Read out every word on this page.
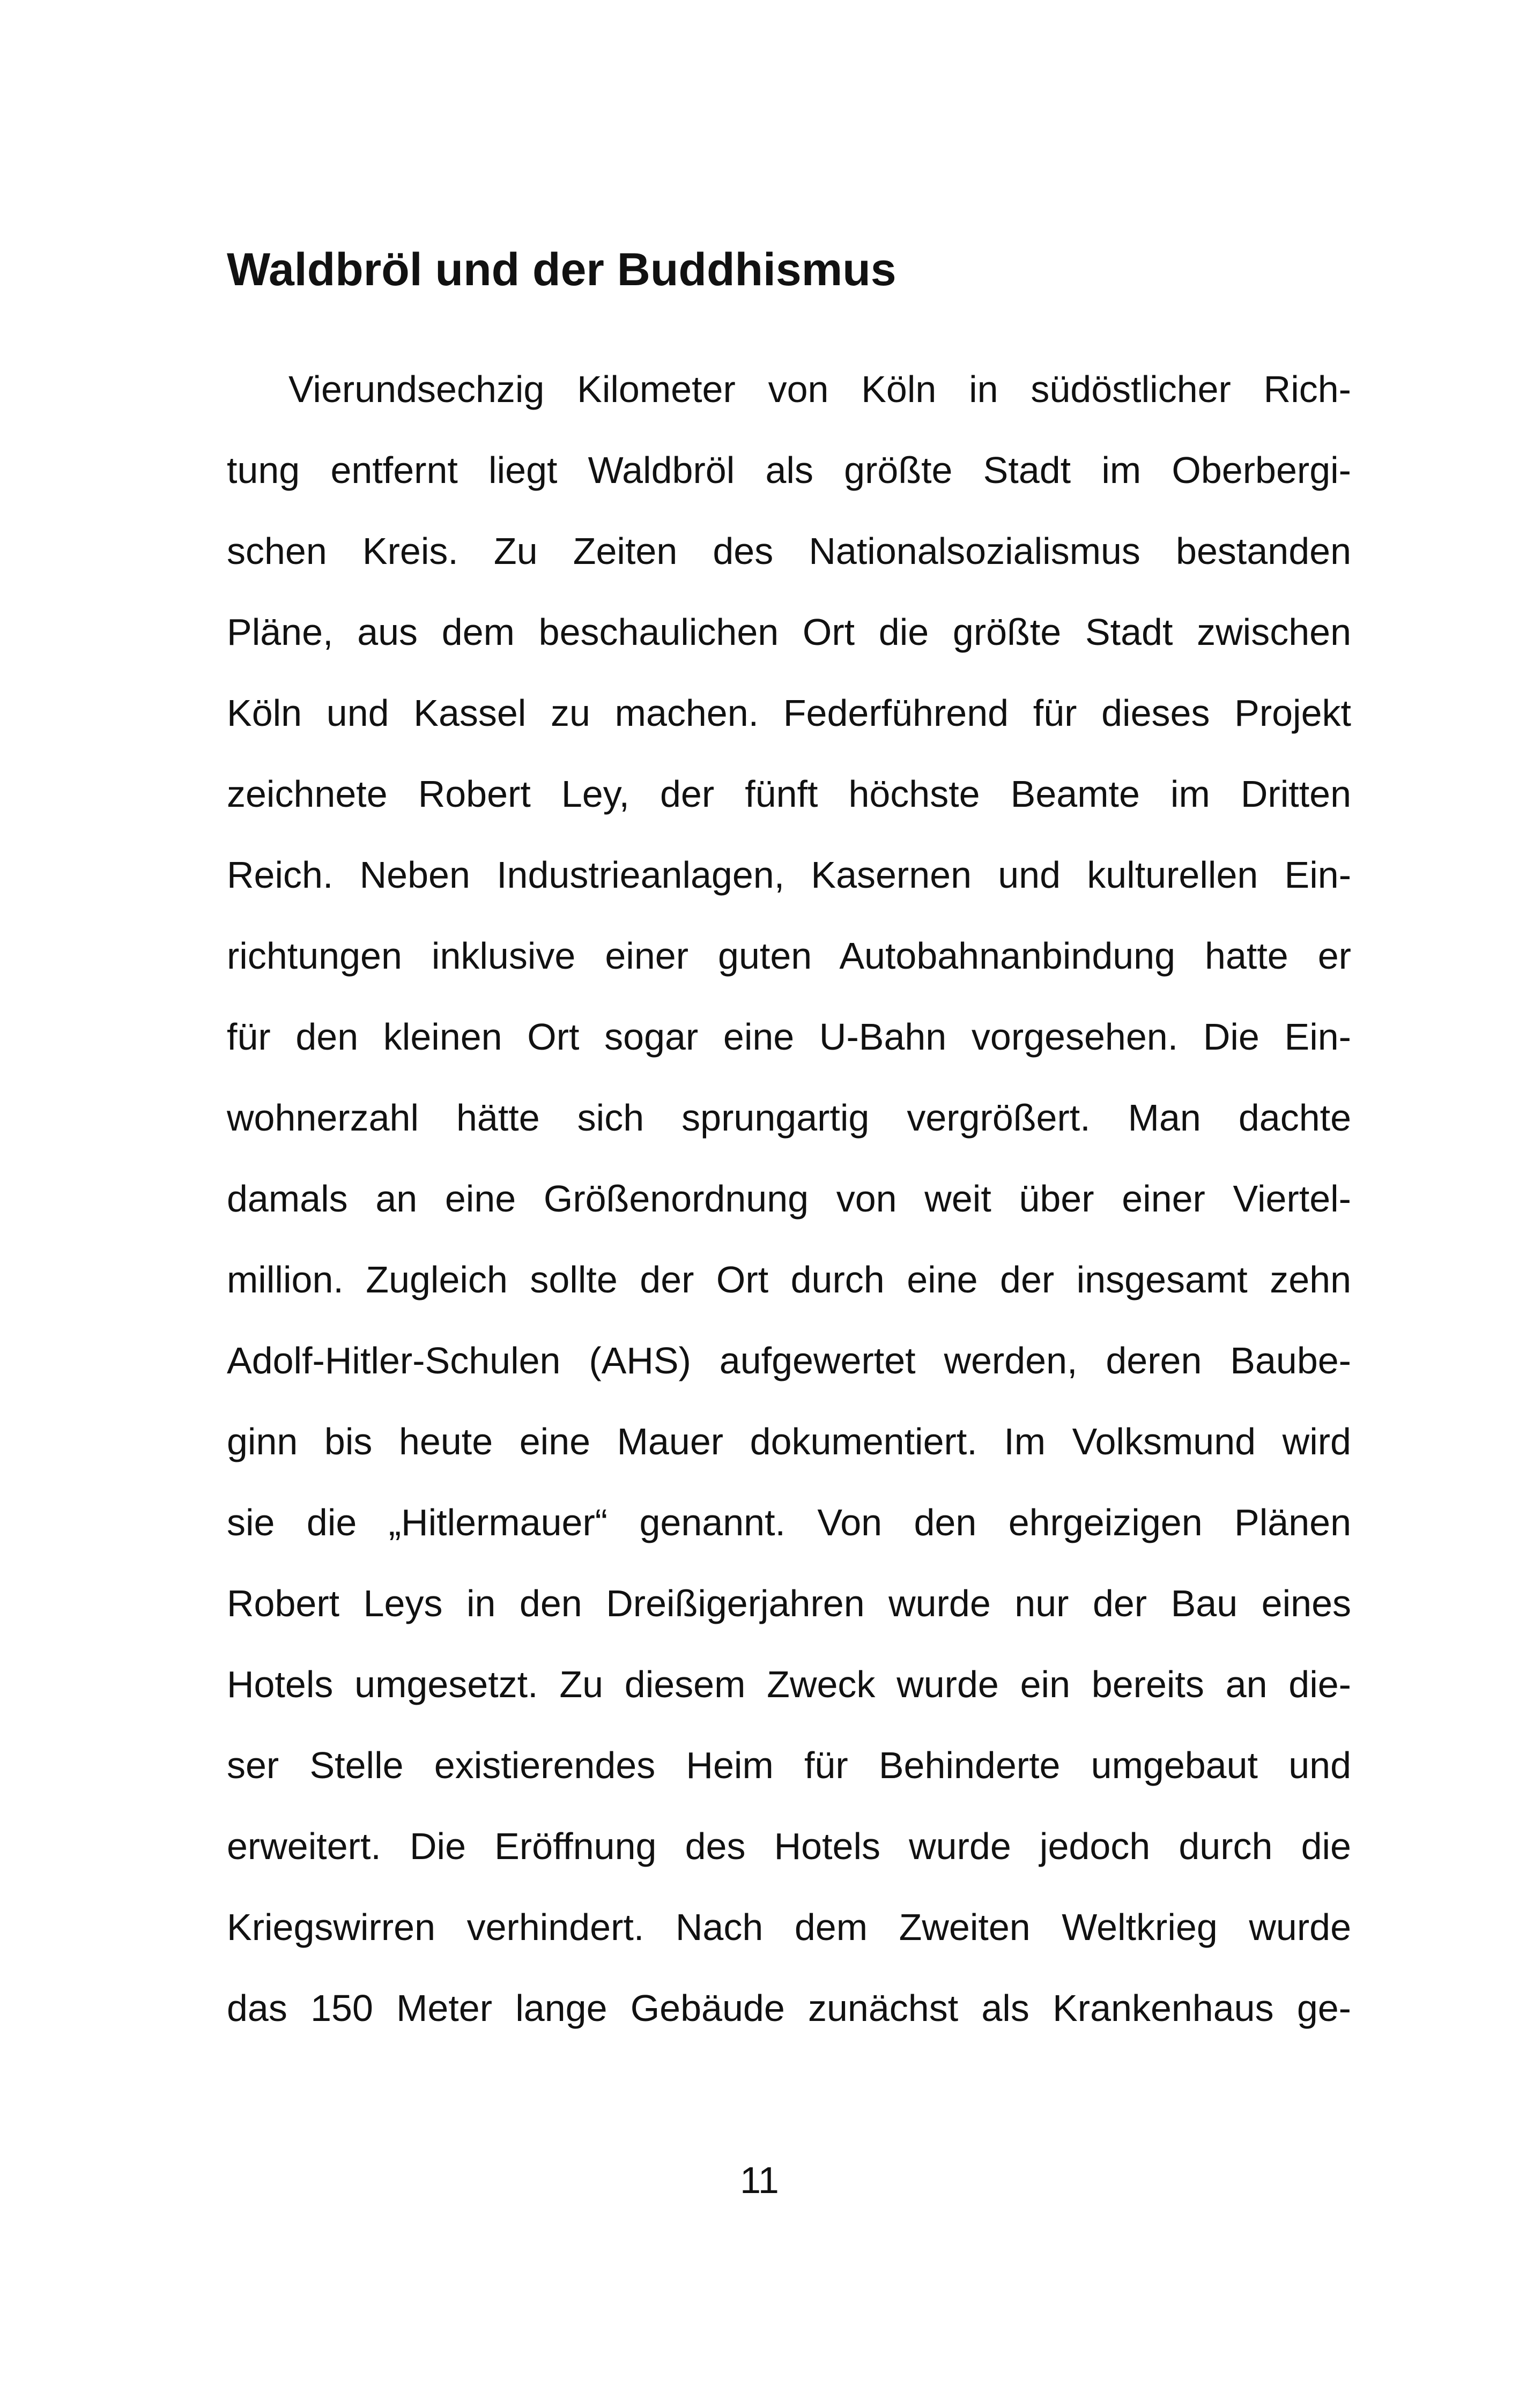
Waldbröl und der Buddhismus
Vierundsechzig Kilometer von Köln in südöstlicher Rich-
tung entfernt liegt Waldbröl als größte Stadt im Oberbergi-
schen Kreis. Zu Zeiten des Nationalsozialismus bestanden
Pläne, aus dem beschaulichen Ort die größte Stadt zwischen
Köln und Kassel zu machen. Federführend für dieses Projekt
zeichnete Robert Ley, der fünft höchste Beamte im Dritten
Reich. Neben Industrieanlagen, Kasernen und kulturellen Ein-
richtungen inklusive einer guten Autobahnanbindung hatte er
für den kleinen Ort sogar eine U-Bahn vorgesehen. Die Ein-
wohnerzahl hätte sich sprungartig vergrößert. Man dachte
damals an eine Größenordnung von weit über einer Viertel-
million. Zugleich sollte der Ort durch eine der insgesamt zehn
Adolf-Hitler-Schulen (AHS) aufgewertet werden, deren Baube-
ginn bis heute eine Mauer dokumentiert. Im Volksmund wird
sie die „Hitlermauer“ genannt. Von den ehrgeizigen Plänen
Robert Leys in den Dreißigerjahren wurde nur der Bau eines
Hotels umgesetzt. Zu diesem Zweck wurde ein bereits an die-
ser Stelle existierendes Heim für Behinderte umgebaut und
erweitert. Die Eröffnung des Hotels wurde jedoch durch die
Kriegswirren verhindert. Nach dem Zweiten Weltkrieg wurde
das 150 Meter lange Gebäude zunächst als Krankenhaus ge-
11
